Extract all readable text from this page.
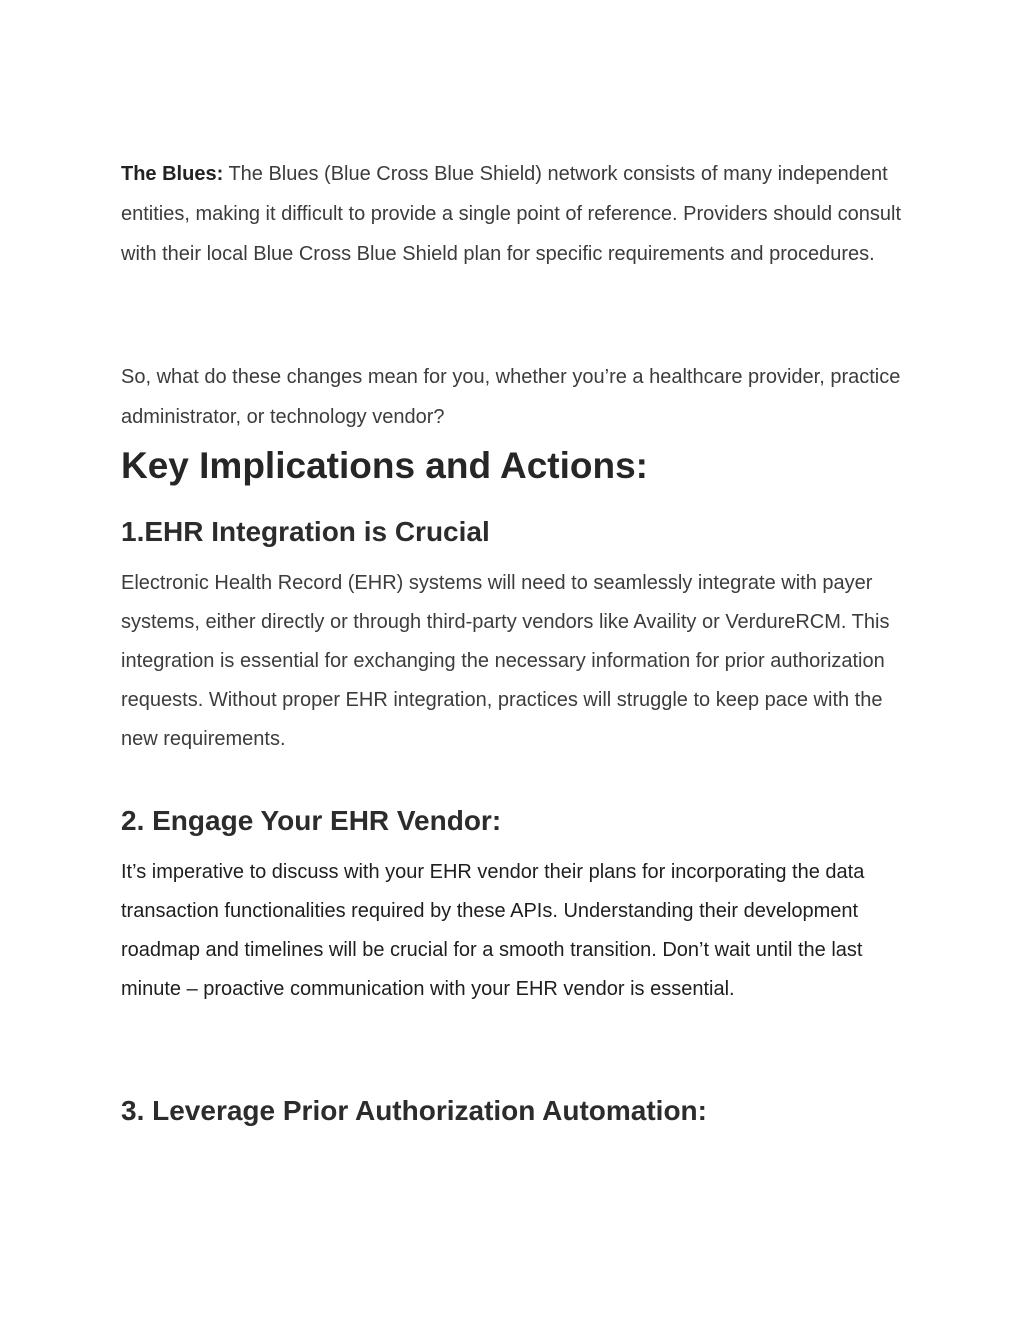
The Blues: The Blues (Blue Cross Blue Shield) network consists of many independent entities, making it difficult to provide a single point of reference. Providers should consult with their local Blue Cross Blue Shield plan for specific requirements and procedures.

So, what do these changes mean for you, whether you’re a healthcare provider, practice administrator, or technology vendor?

Key Implications and Actions:
1.EHR Integration is Crucial

Electronic Health Record (EHR) systems will need to seamlessly integrate with payer systems, either directly or through third-party vendors like Availity or VerdureRCM. This integration is essential for exchanging the necessary information for prior authorization requests. Without proper EHR integration, practices will struggle to keep pace with the new requirements.

2. Engage Your EHR Vendor:

It’s imperative to discuss with your EHR vendor their plans for incorporating the data transaction functionalities required by these APIs. Understanding their development roadmap and timelines will be crucial for a smooth transition. Don’t wait until the last minute – proactive communication with your EHR vendor is essential.

3. Leverage Prior Authorization Automation:
